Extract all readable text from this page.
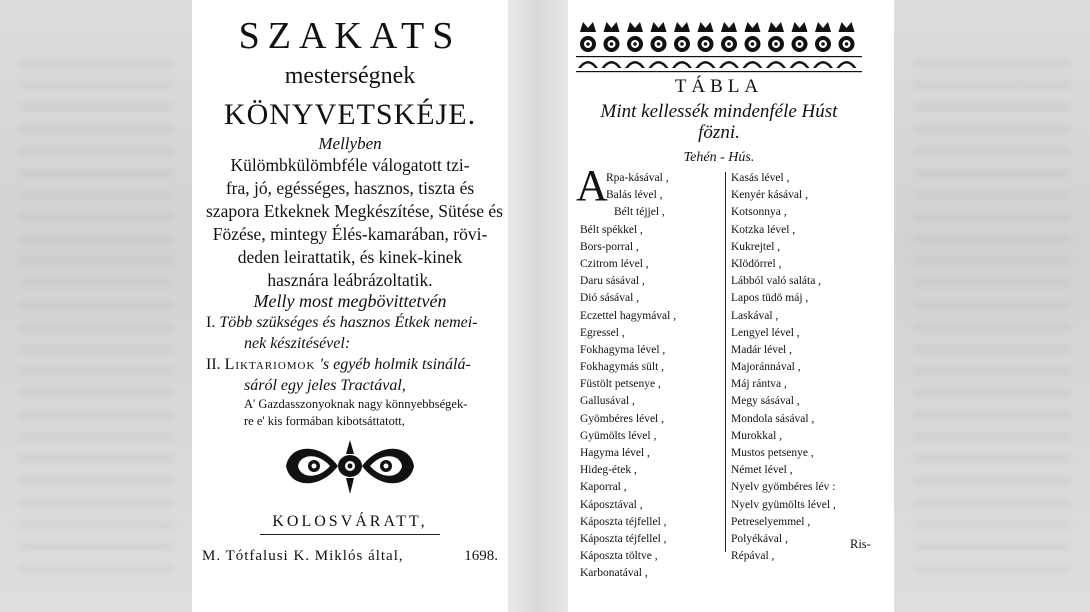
SZAKATS
mesterségnek
KÖNYVETSKÉJE.
Mellyben
Külömbkülömbféle válogatott tzi-
fra, jó, egésséges, hasznos, tiszta és
szapora Etkeknek Megkészítése, Sütése és
Fözése, mintegy Élés-kamarában, rövi-
deden leirattatik, és kinek-kinek
hasznára leábrázoltatik.
Melly most megbövittetvén
I. Több szükséges és hasznos Étkek nemei-
nek készitésével:
II. Liktariomok 's egyéb holmik tsinálá-
sáról egy jeles Tractával,
A' Gazdasszonyoknak nagy könnyebbségek-
re e' kis formában kibotsáttatott,
KOLOSVÁRATT,
M. Tótfalusi K. Miklós által,	1698.
TÁBLA
Mint kellessék mindenféle Húst
fözni.
Tehén - Hús.
A
Rpa-kásával ,
Balás lével ,
Bélt téjjel ,
Bélt spékkel ,
Bors-porral ,
Czitrom lével ,
Daru sásával ,
Dió sásával ,
Eczettel hagymával ,
Egressel ,
Fokhagyma lével ,
Fokhagymás sült ,
Füstölt petsenye ,
Gallusával ,
Gyömbéres lével ,
Gyümölts lével ,
Hagyma lével ,
Hideg-étek ,
Kaporral ,
Káposztával ,
Káposzta téjfellel ,
Káposzta téjfellel ,
Káposzta töltve ,
Karbonatával ,
Kasás lével ,
Kenyér kásával ,
Kotsonnya ,
Kotzka lével ,
Kukrejtel ,
Klödörrel ,
Lábból való saláta ,
Lapos tüdö máj ,
Laskával ,
Lengyel lével ,
Madár lével ,
Majoránnával ,
Máj rántva ,
Megy sásával ,
Mondola sásával ,
Murokkal ,
Mustos petsenye ,
Német lével ,
Nyelv gyömbéres lév :
Nyelv gyümölts lével ,
Petreselyemmel ,
Polyékával ,
Répával ,
Ris-
